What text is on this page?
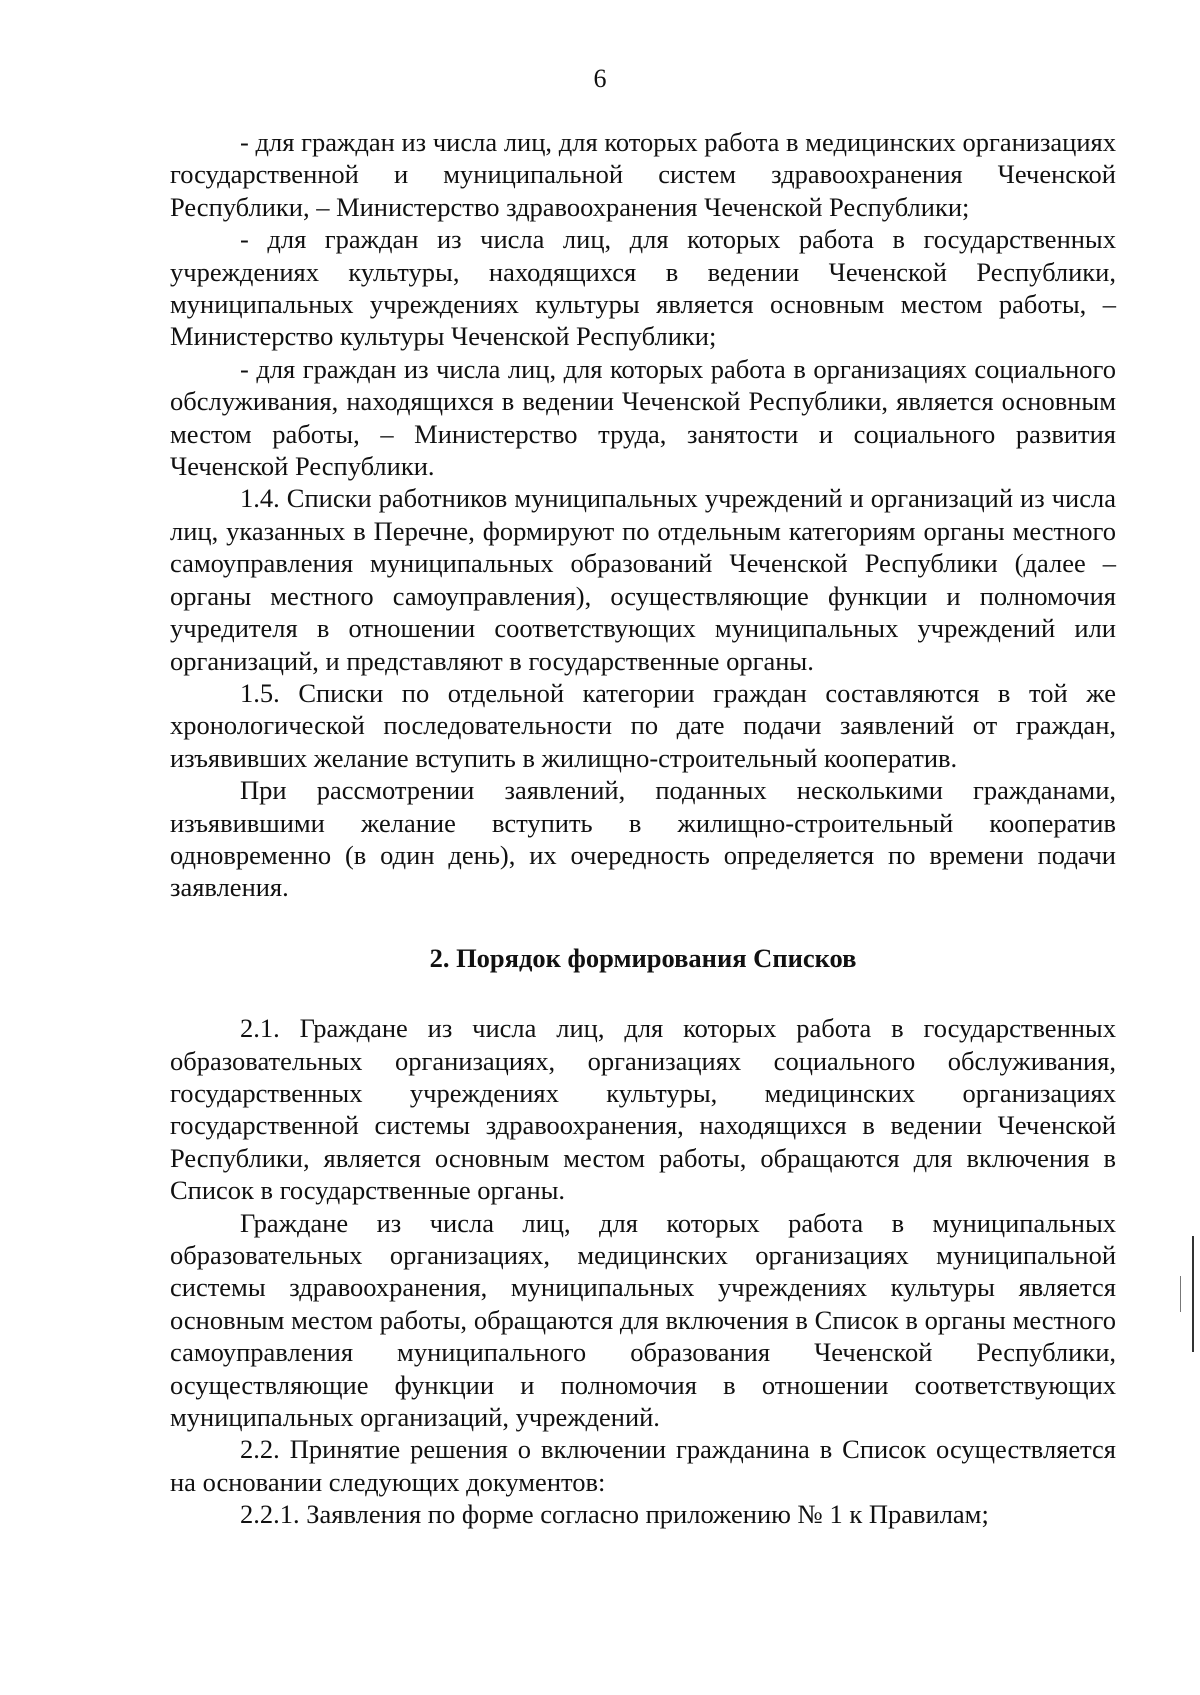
6

- для граждан из числа лиц, для которых работа в медицинских организациях государственной и муниципальной систем здравоохранения Чеченской Республики, – Министерство здравоохранения Чеченской Республики;

- для граждан из числа лиц, для которых работа в государственных учреждениях культуры, находящихся в ведении Чеченской Республики, муниципальных учреждениях культуры является основным местом работы, – Министерство культуры Чеченской Республики;

- для граждан из числа лиц, для которых работа в организациях социального обслуживания, находящихся в ведении Чеченской Республики, является основным местом работы, – Министерство труда, занятости и социального развития Чеченской Республики.

1.4. Списки работников муниципальных учреждений и организаций из числа лиц, указанных в Перечне, формируют по отдельным категориям органы местного самоуправления муниципальных образований Чеченской Республики (далее – органы местного самоуправления), осуществляющие функции и полномочия учредителя в отношении соответствующих муниципальных учреждений или организаций, и представляют в государственные органы.

1.5. Списки по отдельной категории граждан составляются в той же хронологической последовательности по дате подачи заявлений от граждан, изъявивших желание вступить в жилищно-строительный кооператив.

При рассмотрении заявлений, поданных несколькими гражданами, изъявившими желание вступить в жилищно-строительный кооператив одновременно (в один день), их очередность определяется по времени подачи заявления.

2. Порядок формирования Списков

2.1. Граждане из числа лиц, для которых работа в государственных образовательных организациях, организациях социального обслуживания, государственных учреждениях культуры, медицинских организациях государственной системы здравоохранения, находящихся в ведении Чеченской Республики, является основным местом работы, обращаются для включения в Список в государственные органы.

Граждане из числа лиц, для которых работа в муниципальных образовательных организациях, медицинских организациях муниципальной системы здравоохранения, муниципальных учреждениях культуры является основным местом работы, обращаются для включения в Список в органы местного самоуправления муниципального образования Чеченской Республики, осуществляющие функции и полномочия в отношении соответствующих муниципальных организаций, учреждений.

2.2. Принятие решения о включении гражданина в Список осуществляется на основании следующих документов:

2.2.1. Заявления по форме согласно приложению № 1 к Правилам;
